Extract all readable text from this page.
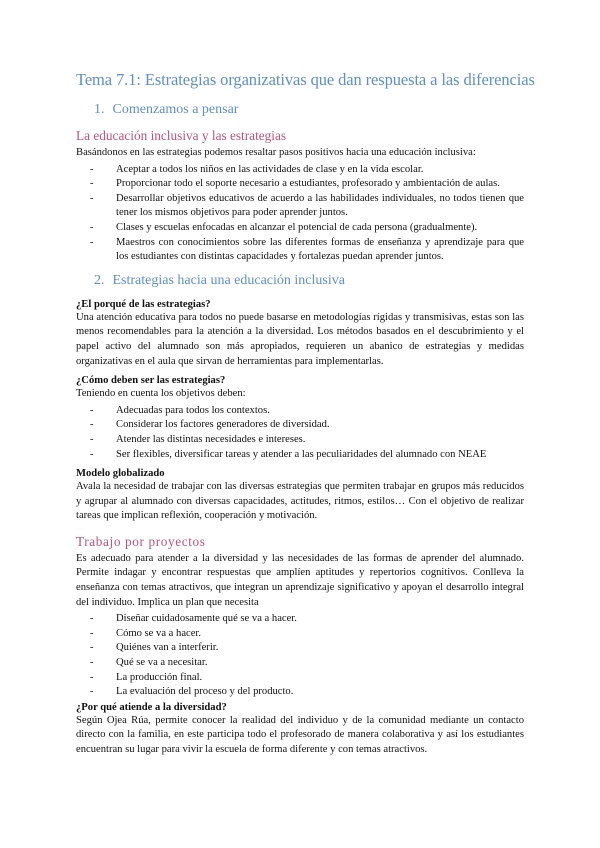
Tema 7.1: Estrategias organizativas que dan respuesta a las diferencias
1. Comenzamos a pensar
La educación inclusiva y las estrategias

Basándonos en las estrategias podemos resaltar pasos positivos hacia una educación inclusiva:

- Aceptar a todos los niños en las actividades de clase y en la vida escolar.
- Proporcionar todo el soporte necesario a estudiantes, profesorado y ambientación de aulas.
- Desarrollar objetivos educativos de acuerdo a las habilidades individuales, no todos tienen que tener los mismos objetivos para poder aprender juntos.
- Clases y escuelas enfocadas en alcanzar el potencial de cada persona (gradualmente).
- Maestros con conocimientos sobre las diferentes formas de enseñanza y aprendizaje para que los estudiantes con distintas capacidades y fortalezas puedan aprender juntos.
2. Estrategias hacia una educación inclusiva
¿El porqué de las estrategias?

Una atención educativa para todos no puede basarse en metodologías rígidas y transmisivas, estas son las menos recomendables para la atención a la diversidad. Los métodos basados en el descubrimiento y el papel activo del alumnado son más apropiados, requieren un abanico de estrategias y medidas organizativas en el aula que sirvan de herramientas para implementarlas.

¿Cómo deben ser las estrategias?

Teniendo en cuenta los objetivos deben:

- Adecuadas para todos los contextos.
- Considerar los factores generadores de diversidad.
- Atender las distintas necesidades e intereses.
- Ser flexibles, diversificar tareas y atender a las peculiaridades del alumnado con NEAE
Modelo globalizado

Avala la necesidad de trabajar con las diversas estrategias que permiten trabajar en grupos más reducidos y agrupar al alumnado con diversas capacidades, actitudes, ritmos, estilos… Con el objetivo de realizar tareas que implican reflexión, cooperación y motivación.

Trabajo por proyectos

Es adecuado para atender a la diversidad y las necesidades de las formas de aprender del alumnado. Permite indagar y encontrar respuestas que amplíen aptitudes y repertorios cognitivos. Conlleva la enseñanza con temas atractivos, que integran un aprendizaje significativo y apoyan el desarrollo integral del individuo. Implica un plan que necesita

- Diseñar cuidadosamente qué se va a hacer.
- Cómo se va a hacer.
- Quiénes van a interferir.
- Qué se va a necesitar.
- La producción final.
- La evaluación del proceso y del producto.
¿Por qué atiende a la diversidad?

Según Ojea Rúa, permite conocer la realidad del individuo y de la comunidad mediante un contacto directo con la familia, en este participa todo el profesorado de manera colaborativa y así los estudiantes encuentran su lugar para vivir la escuela de forma diferente y con temas atractivos.
